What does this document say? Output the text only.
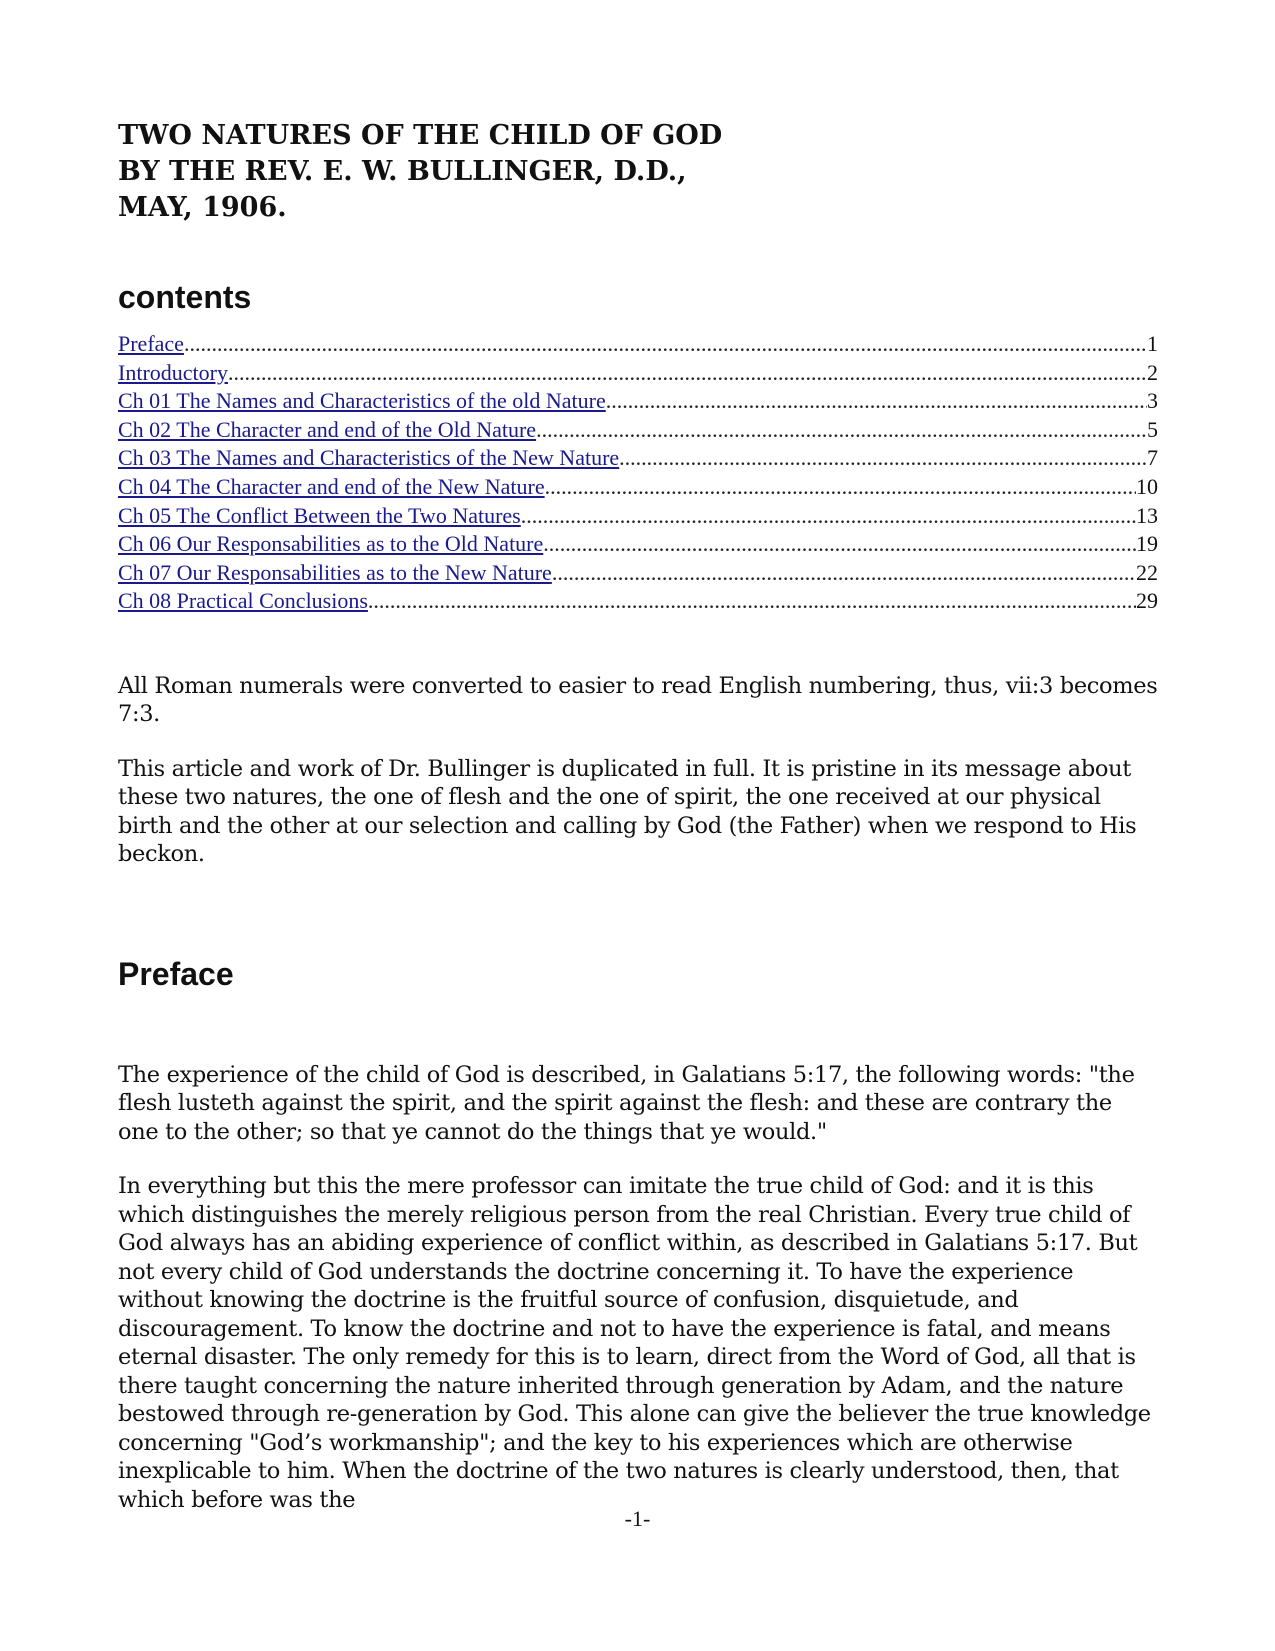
TWO NATURES OF THE CHILD OF GOD
BY THE REV. E. W. BULLINGER, D.D.,
MAY, 1906.
contents
Preface .....	1
Introductory .....	2
Ch 01 The Names and Characteristics of the old Nature .....	3
Ch 02 The Character and end of the Old Nature .....	5
Ch 03 The Names and Characteristics of the New Nature .....	7
Ch 04 The Character and end of the New Nature .....	10
Ch 05 The Conflict Between the Two Natures .....	13
Ch 06 Our Responsabilities as to the Old Nature .....	19
Ch 07 Our Responsabilities as to the New Nature .....	22
Ch 08 Practical Conclusions .....	29

All Roman numerals were converted to easier to read English numbering, thus, vii:3 becomes 7:3.

This article and work of Dr. Bullinger is duplicated in full. It is pristine in its message about these two natures, the one of flesh and the one of spirit, the one received at our physical birth and the other at our selection and calling by God (the Father) when we respond to His beckon.

Preface

The experience of the child of God is described, in Galatians 5:17, the following words: "the flesh lusteth against the spirit, and the spirit against the flesh: and these are contrary the one to the other; so that ye cannot do the things that ye would."

In everything but this the mere professor can imitate the true child of God: and it is this which distinguishes the merely religious person from the real Christian. Every true child of God always has an abiding experience of conflict within, as described in Galatians 5:17. But not every child of God understands the doctrine concerning it. To have the experience without knowing the doctrine is the fruitful source of confusion, disquietude, and discouragement. To know the doctrine and not to have the experience is fatal, and means eternal disaster. The only remedy for this is to learn, direct from the Word of God, all that is there taught concerning the nature inherited through generation by Adam, and the nature bestowed through re-generation by God. This alone can give the believer the true knowledge concerning "God’s workmanship"; and the key to his experiences which are otherwise inexplicable to him. When the doctrine of the two natures is clearly understood, then, that which before was the

-1-
